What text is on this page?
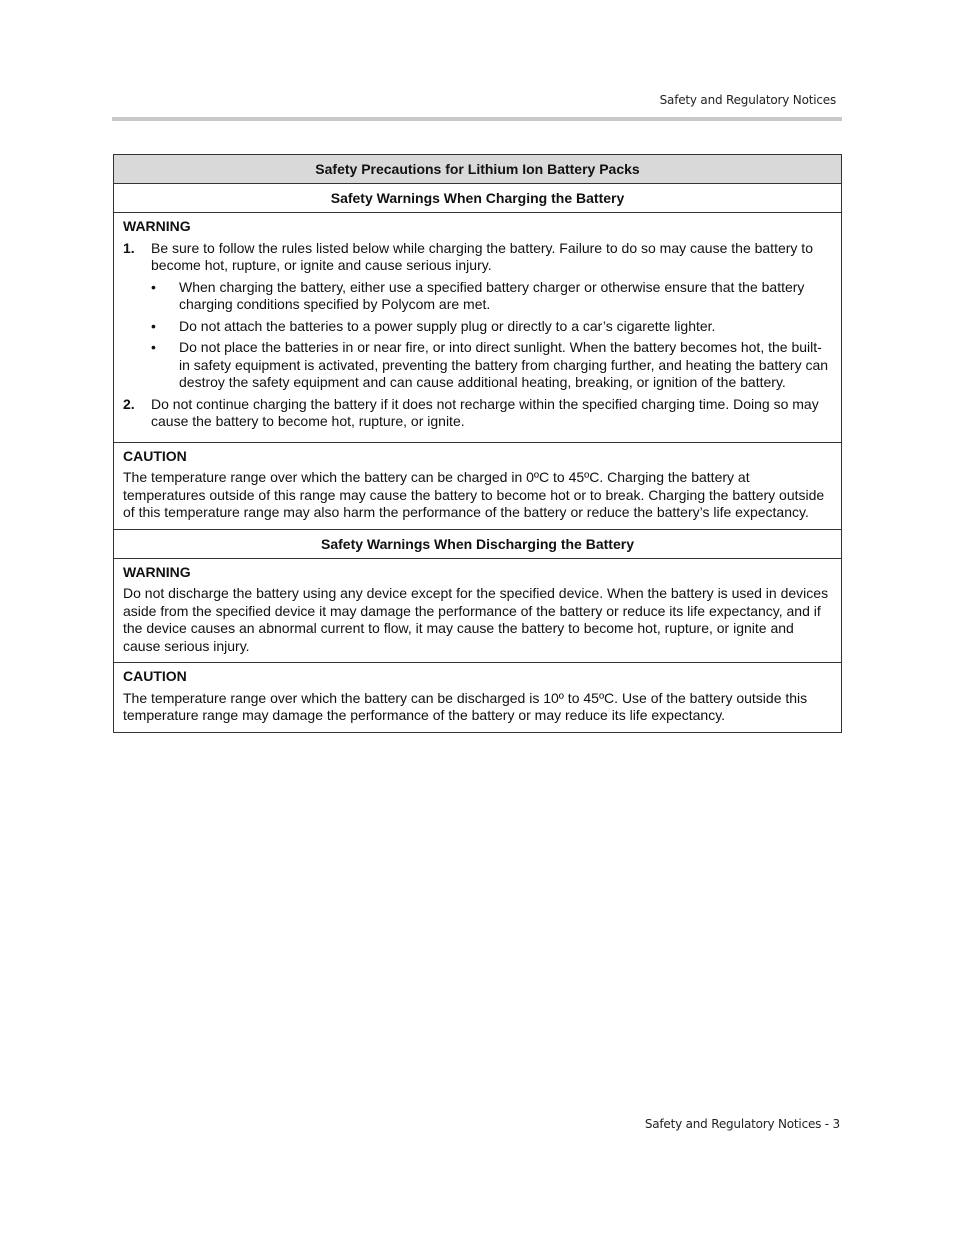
Safety and Regulatory Notices
Safety Precautions for Lithium Ion Battery Packs
Safety Warnings When Charging the Battery
WARNING
1. Be sure to follow the rules listed below while charging the battery. Failure to do so may cause the battery to become hot, rupture, or ignite and cause serious injury.
• When charging the battery, either use a specified battery charger or otherwise ensure that the battery charging conditions specified by Polycom are met.
• Do not attach the batteries to a power supply plug or directly to a car’s cigarette lighter.
• Do not place the batteries in or near fire, or into direct sunlight. When the battery becomes hot, the built-in safety equipment is activated, preventing the battery from charging further, and heating the battery can destroy the safety equipment and can cause additional heating, breaking, or ignition of the battery.
2. Do not continue charging the battery if it does not recharge within the specified charging time. Doing so may cause the battery to become hot, rupture, or ignite.
CAUTION

The temperature range over which the battery can be charged in 0ºC to 45ºC. Charging the battery at temperatures outside of this range may cause the battery to become hot or to break. Charging the battery outside of this temperature range may also harm the performance of the battery or reduce the battery’s life expectancy.

Safety Warnings When Discharging the Battery
WARNING

Do not discharge the battery using any device except for the specified device. When the battery is used in devices aside from the specified device it may damage the performance of the battery or reduce its life expectancy, and if the device causes an abnormal current to flow, it may cause the battery to become hot, rupture, or ignite and cause serious injury.

CAUTION

The temperature range over which the battery can be discharged is 10º to 45ºC. Use of the battery outside this temperature range may damage the performance of the battery or may reduce its life expectancy.

Safety and Regulatory Notices - 3
